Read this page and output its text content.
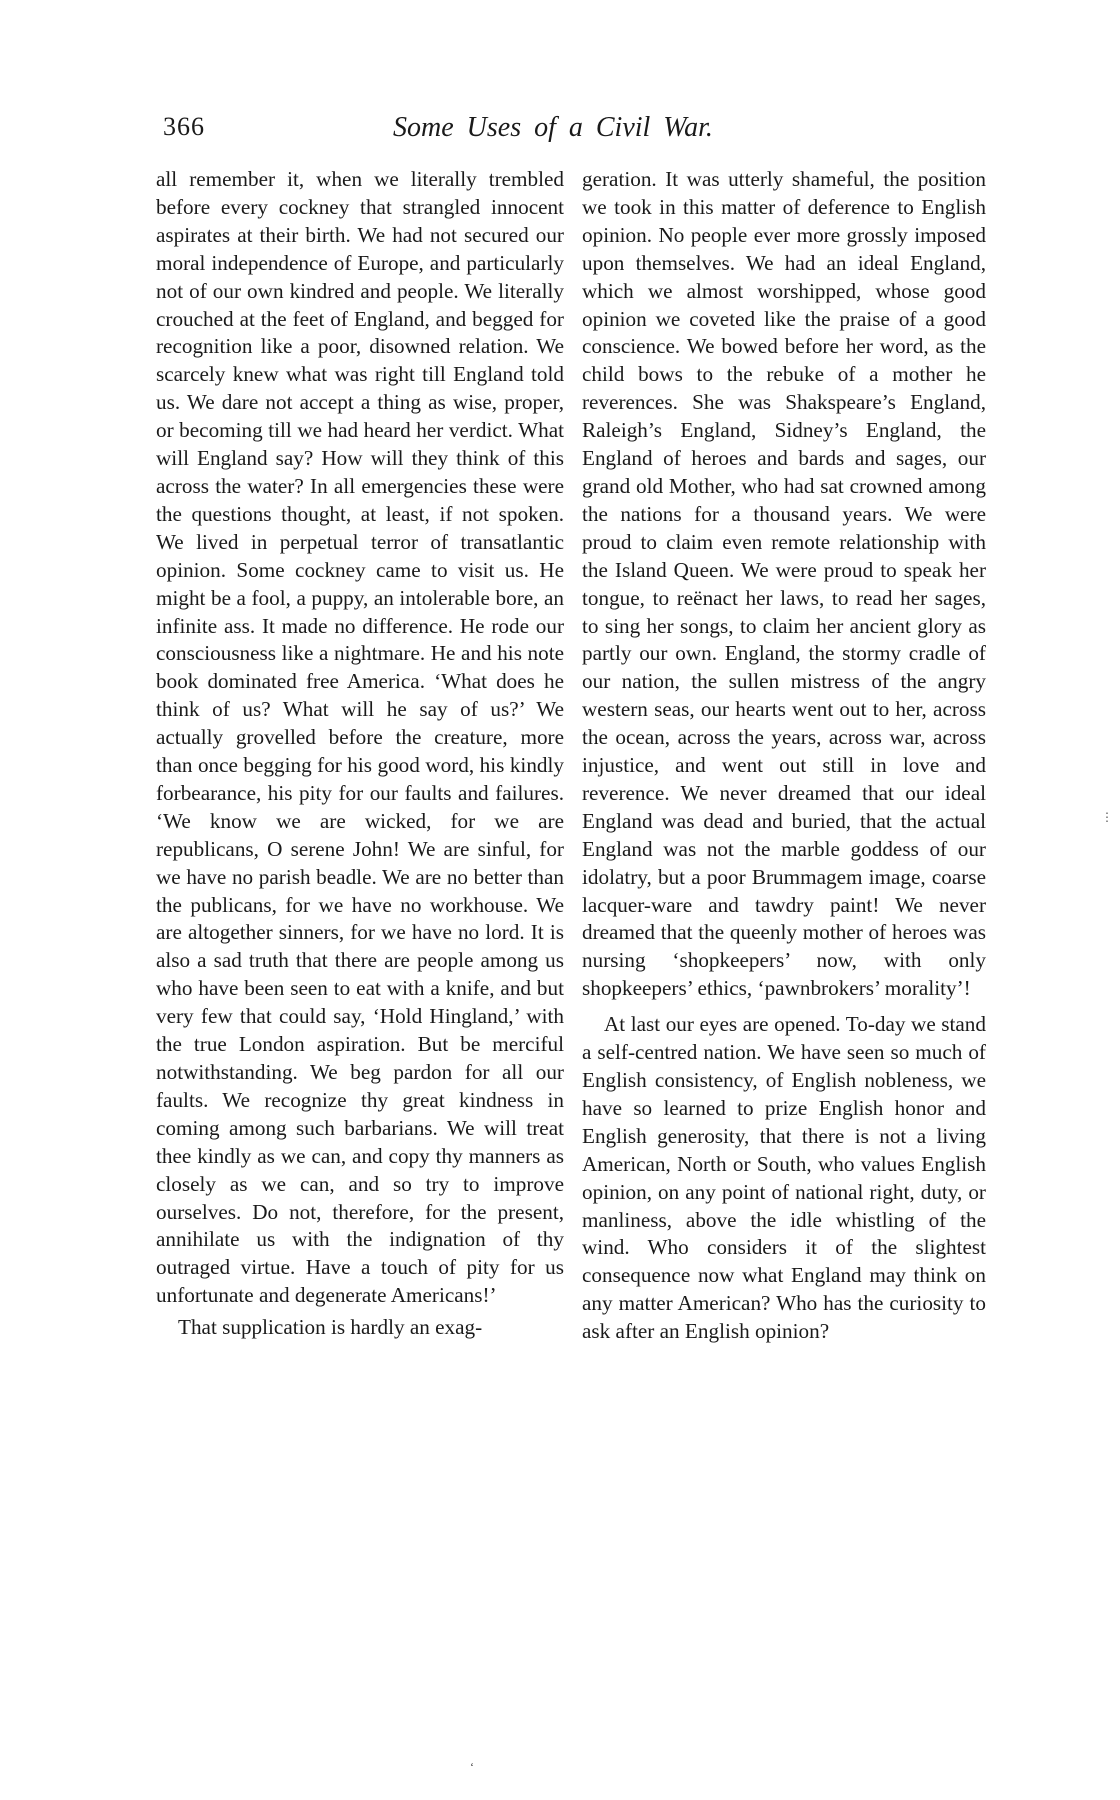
366	Some Uses of a Civil War.

all remember it, when we literally trembled before every cockney that strangled innocent aspirates at their birth. We had not secured our moral independence of Europe, and particularly not of our own kindred and people. We literally crouched at the feet of England, and begged for recognition like a poor, disowned relation. We scarcely knew what was right till England told us. We dare not accept a thing as wise, proper, or becoming till we had heard her verdict. What will England say? How will they think of this across the water? In all emergencies these were the questions thought, at least, if not spoken. We lived in perpetual terror of transatlantic opinion. Some cockney came to visit us. He might be a fool, a puppy, an intolerable bore, an infinite ass. It made no difference. He rode our consciousness like a nightmare. He and his note book dominated free America. ‘What does he think of us? What will he say of us?’ We actually grovelled before the creature, more than once begging for his good word, his kindly forbearance, his pity for our faults and failures. ‘We know we are wicked, for we are republicans, O serene John! We are sinful, for we have no parish beadle. We are no better than the publicans, for we have no workhouse. We are altogether sinners, for we have no lord. It is also a sad truth that there are people among us who have been seen to eat with a knife, and but very few that could say, ‘Hold Hingland,’ with the true London aspiration. But be merciful notwithstanding. We beg pardon for all our faults. We recognize thy great kindness in coming among such barbarians. We will treat thee kindly as we can, and copy thy manners as closely as we can, and so try to improve ourselves. Do not, therefore, for the present, annihilate us with the indignation of thy outraged virtue. Have a touch of pity for us unfortunate and degenerate Americans!’

That supplication is hardly an exag-

geration. It was utterly shameful, the position we took in this matter of deference to English opinion. No people ever more grossly imposed upon themselves. We had an ideal England, which we almost worshipped, whose good opinion we coveted like the praise of a good conscience. We bowed before her word, as the child bows to the rebuke of a mother he reverences. She was Shakspeare’s England, Raleigh’s England, Sidney’s England, the England of heroes and bards and sages, our grand old Mother, who had sat crowned among the nations for a thousand years. We were proud to claim even remote relationship with the Island Queen. We were proud to speak her tongue, to reënact her laws, to read her sages, to sing her songs, to claim her ancient glory as partly our own. England, the stormy cradle of our nation, the sullen mistress of the angry western seas, our hearts went out to her, across the ocean, across the years, across war, across injustice, and went out still in love and reverence. We never dreamed that our ideal England was dead and buried, that the actual England was not the marble goddess of our idolatry, but a poor Brummagem image, coarse lacquer-ware and tawdry paint! We never dreamed that the queenly mother of heroes was nursing ‘shopkeepers’ now, with only shopkeepers’ ethics, ‘pawnbrokers’ morality’!

At last our eyes are opened. To-day we stand a self-centred nation. We have seen so much of English consistency, of English nobleness, we have so learned to prize English honor and English generosity, that there is not a living American, North or South, who values English opinion, on any point of national right, duty, or manliness, above the idle whistling of the wind. Who considers it of the slightest consequence now what England may think on any matter American? Who has the curiosity to ask after an English opinion?

⋮
‘
